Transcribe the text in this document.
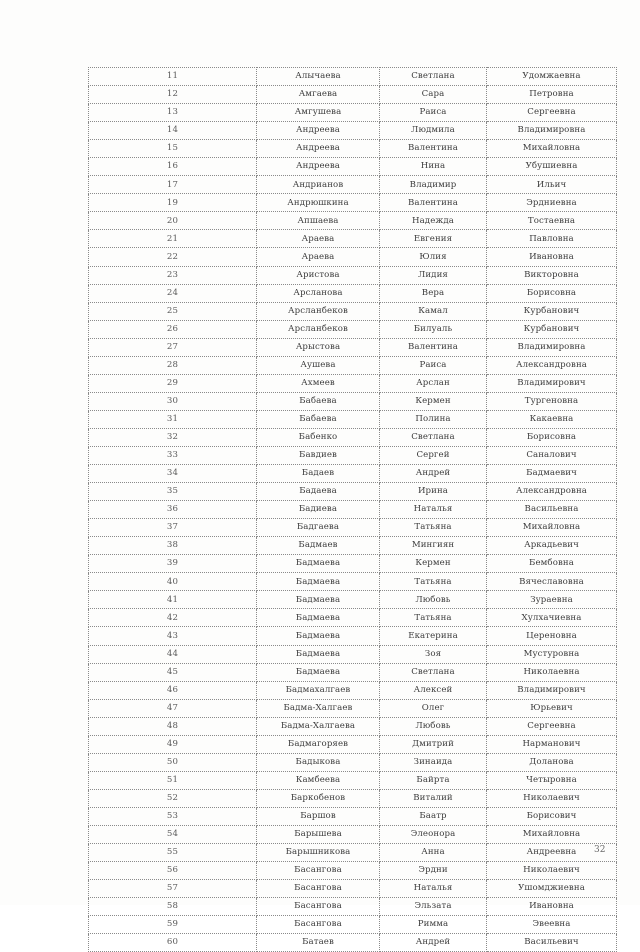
11	Алычаева	Светлана	Удомжаевна
12	Амгаева	Сара	Петровна
13	Амгушева	Раиса	Сергеевна
14	Андреева	Людмила	Владимировна
15	Андреева	Валентина	Михайловна
16	Андреева	Нина	Убушиевна
17	Андрианов	Владимир	Ильич
19	Андрюшкина	Валентина	Эрдниевна
20	Апшаева	Надежда	Тостаевна
21	Араева	Евгения	Павловна
22	Араева	Юлия	Ивановна
23	Аристова	Лидия	Викторовна
24	Арсланова	Вера	Борисовна
25	Арсланбеков	Камал	Курбанович
26	Арсланбеков	Билуаль	Курбанович
27	Арыстова	Валентина	Владимировна
28	Аушева	Раиса	Александровна
29	Ахмеев	Арслан	Владимирович
30	Бабаева	Кермен	Тургеновна
31	Бабаева	Полина	Какаевна
32	Бабенко	Светлана	Борисовна
33	Бавдиев	Сергей	Саналович
34	Бадаев	Андрей	Бадмаевич
35	Бадаева	Ирина	Александровна
36	Бадиева	Наталья	Васильевна
37	Бадгаева	Татьяна	Михайловна
38	Бадмаев	Мингиян	Аркадьевич
39	Бадмаева	Кермен	Бембовна
40	Бадмаева	Татьяна	Вячеславовна
41	Бадмаева	Любовь	Зураевна
42	Бадмаева	Татьяна	Хулхачиевна
43	Бадмаева	Екатерина	Цереновна
44	Бадмаева	Зоя	Мустуровна
45	Бадмаева	Светлана	Николаевна
46	Бадмахалгаев	Алексей	Владимирович
47	Бадма-Халгаев	Олег	Юрьевич
48	Бадма-Халгаева	Любовь	Сергеевна
49	Бадмагоряев	Дмитрий	Нарманович
50	Бадыкова	Зинаида	Доланова
51	Камбеева	Байрта	Четыровна
52	Баркобенов	Виталий	Николаевич
53	Баршов	Баатр	Борисович
54	Барышева	Элеонора	Михайловна
55	Барышникова	Анна	Андреевна
56	Басангова	Эрдни	Николаевич
57	Басангова	Наталья	Ушомджиевна
58	Басангова	Эльзата	Ивановна
59	Басангова	Римма	Эвеевна
60	Батаев	Андрей	Васильевич
32
